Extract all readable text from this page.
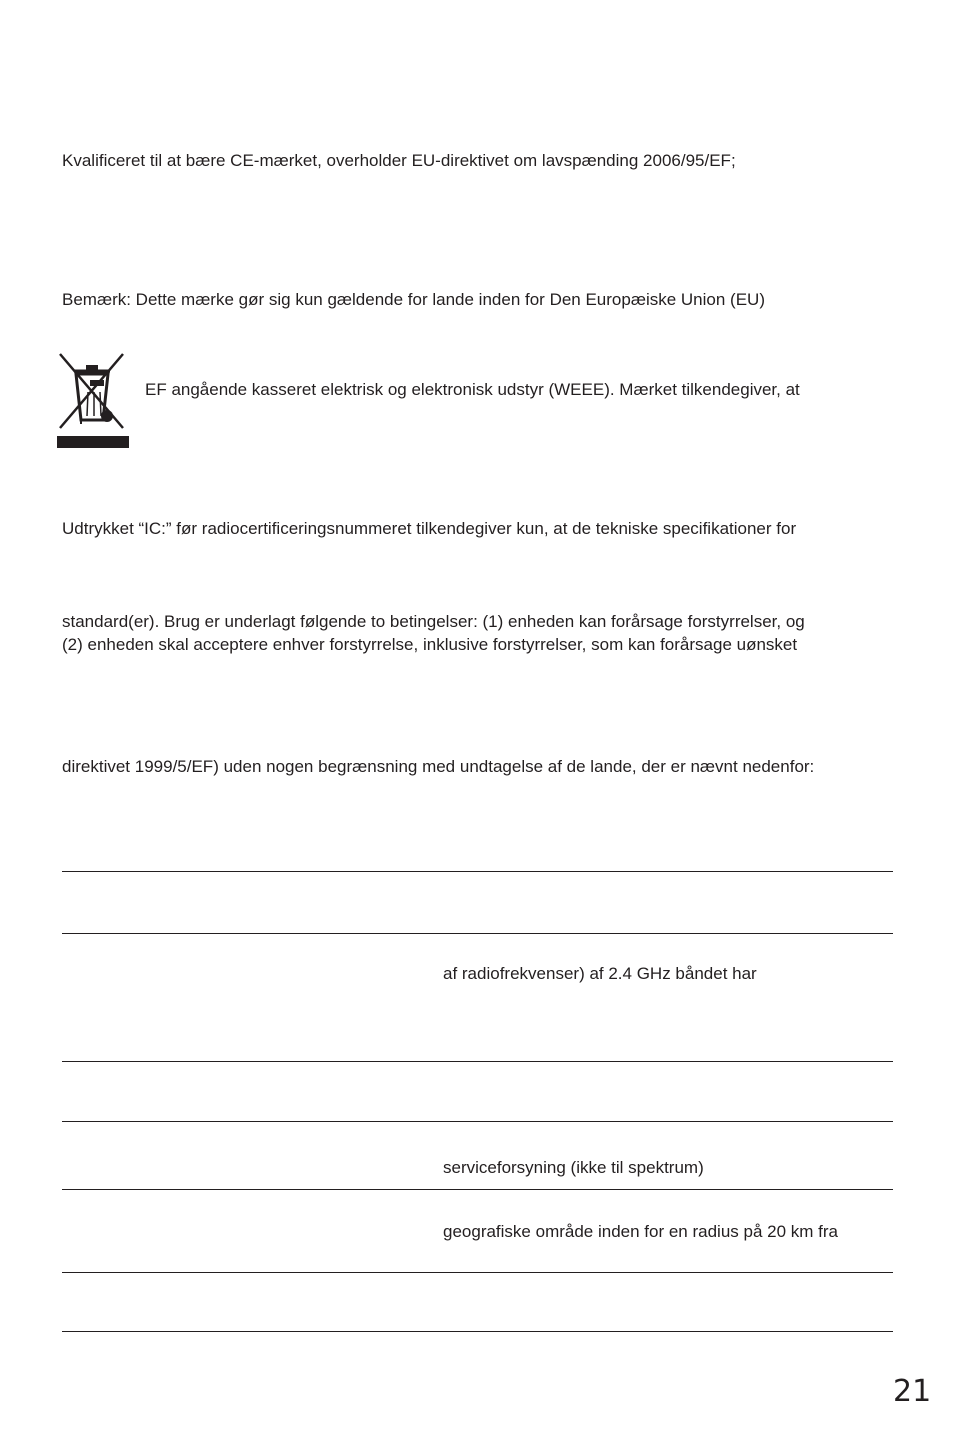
Kvalificeret til at bære CE-mærket, overholder EU-direktivet om lavspænding 2006/95/EF;
Bemærk: Dette mærke gør sig kun gældende for lande inden for Den Europæiske Union (EU)
EF angående kasseret elektrisk og elektronisk udstyr (WEEE). Mærket tilkendegiver, at
Udtrykket “IC:” før radiocertificeringsnummeret tilkendegiver kun, at de tekniske specifikationer for
standard(er). Brug er underlagt følgende to betingelser: (1) enheden kan forårsage forstyrrelser, og
(2) enheden skal acceptere enhver forstyrrelse, inklusive forstyrrelser, som kan forårsage uønsket
direktivet 1999/5/EF) uden nogen begrænsning med undtagelse af de lande, der er nævnt nedenfor:
af radiofrekvenser) af 2.4 GHz båndet har
serviceforsyning (ikke til spektrum)
geografiske område inden for en radius på 20 km fra
21
